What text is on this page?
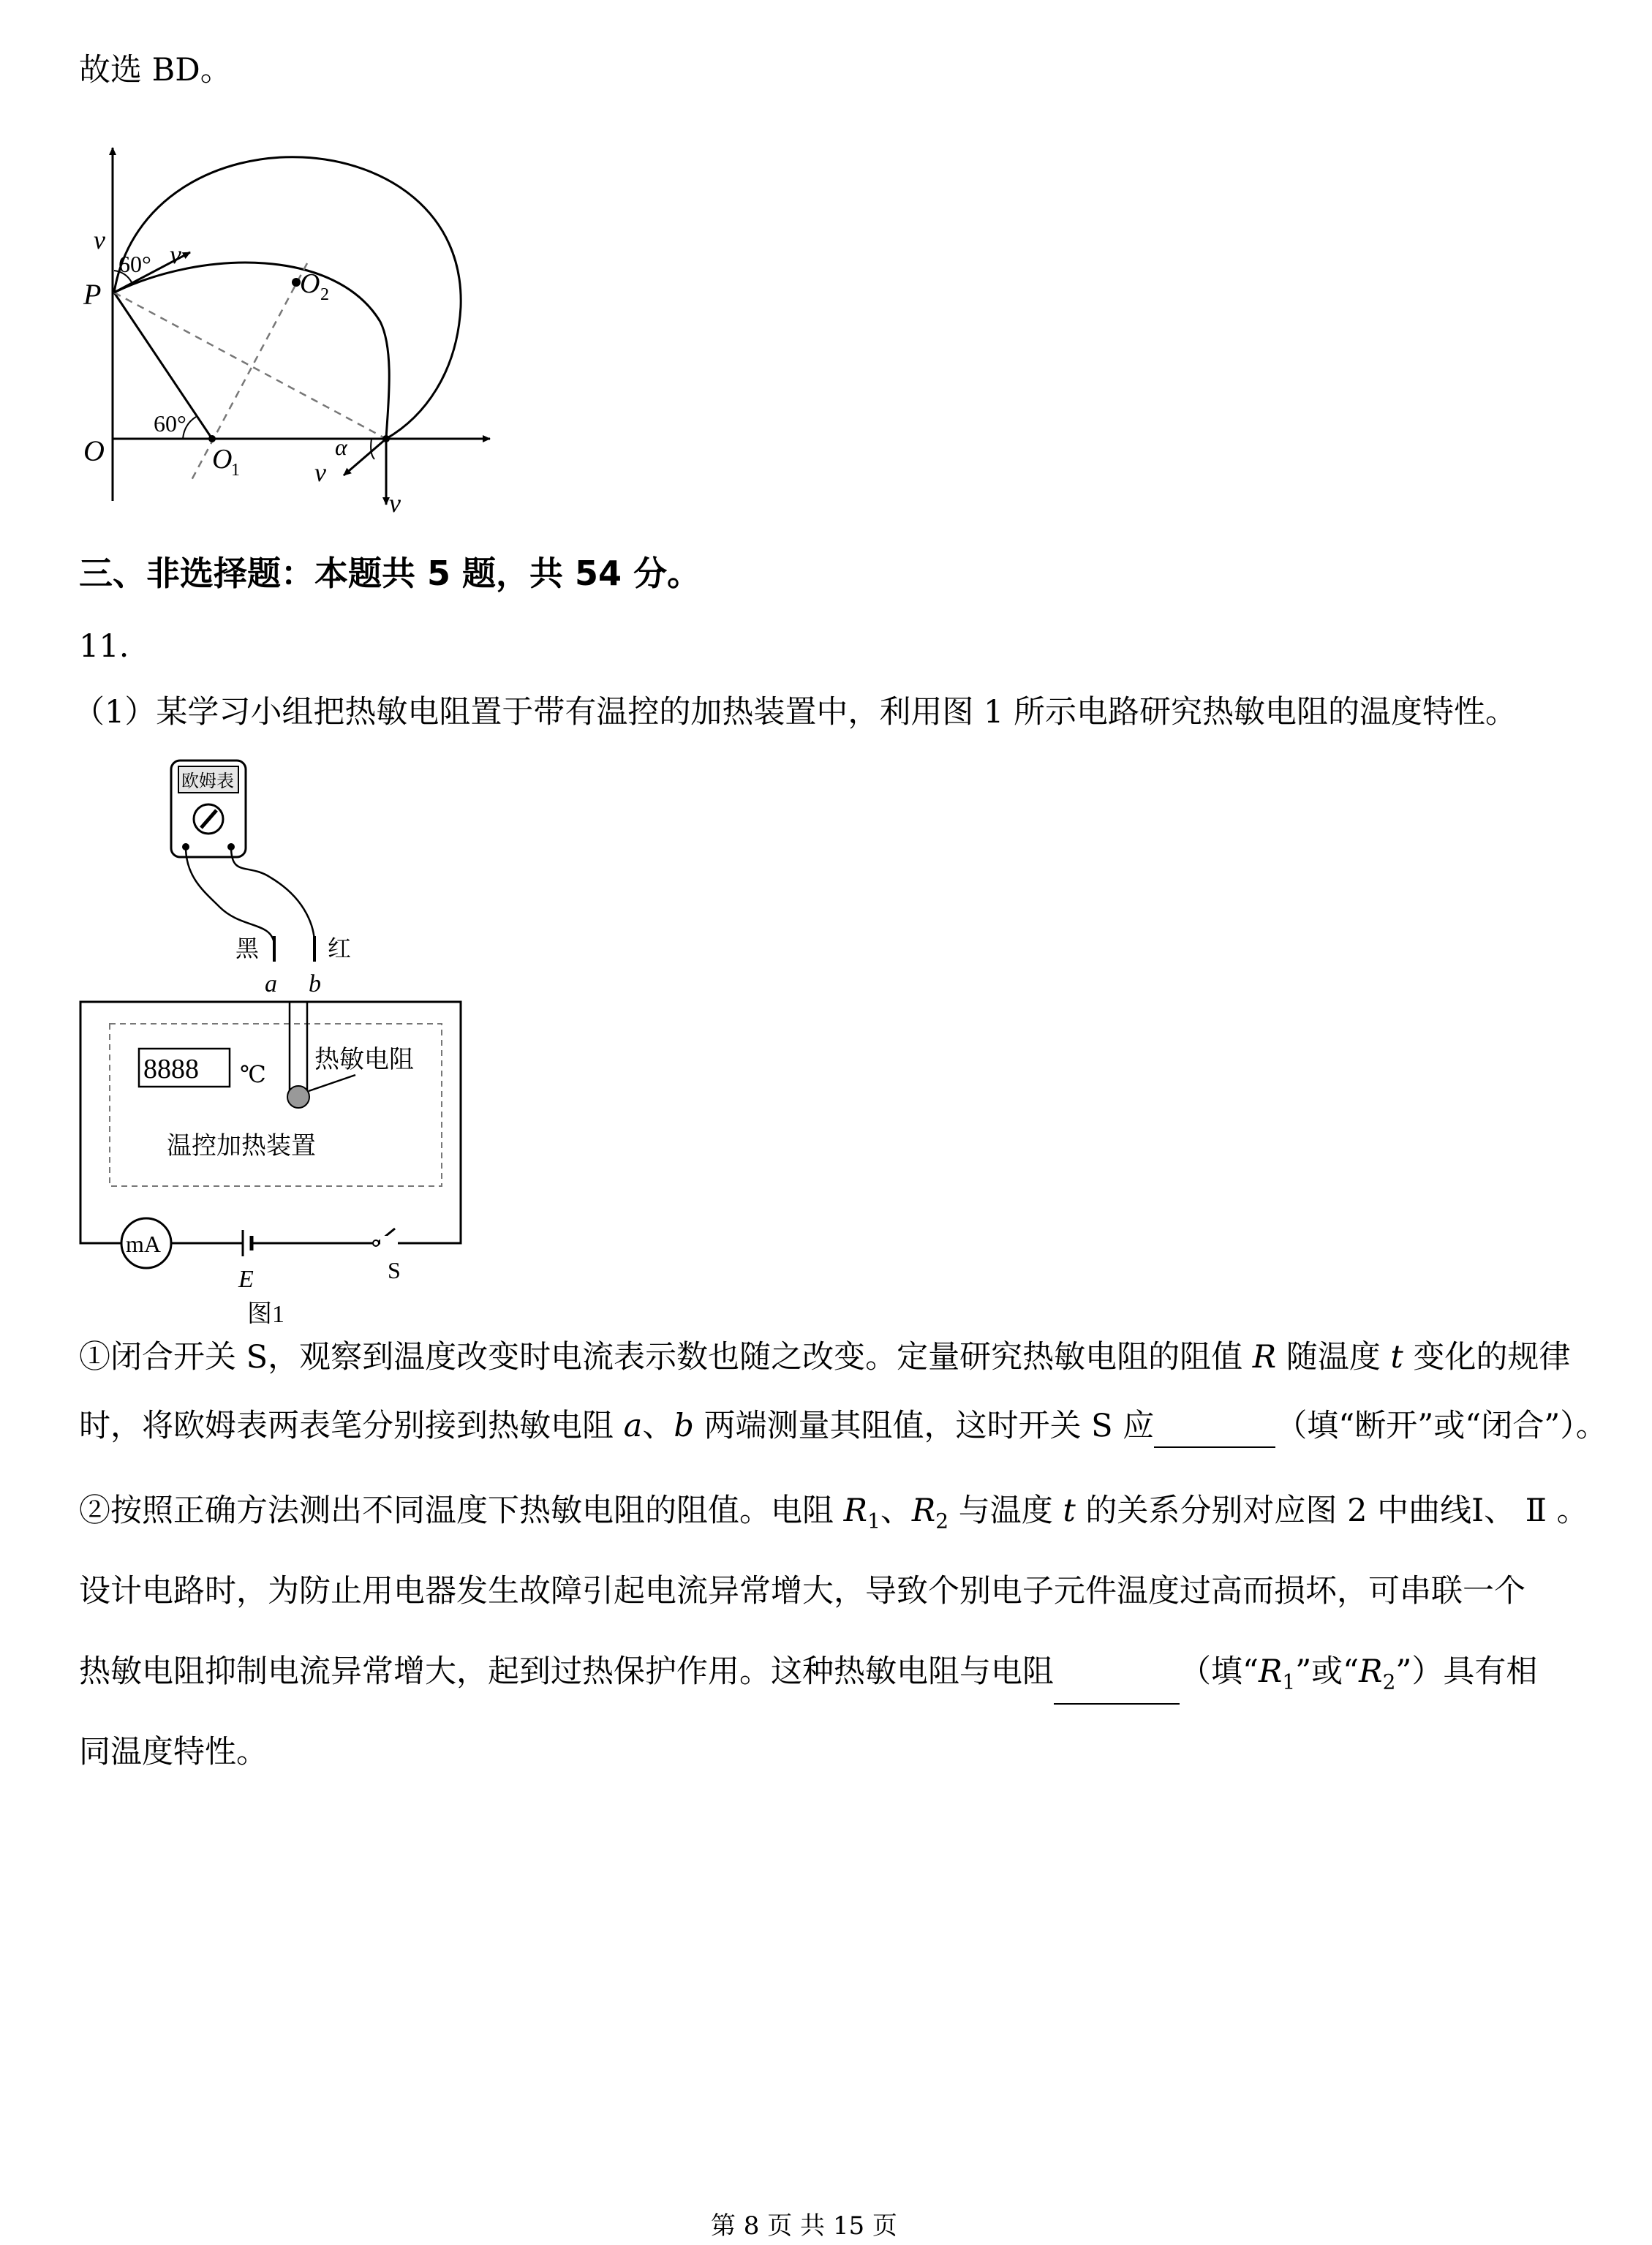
故选 BD。

v
60° v
P	O 2
60°
O	O
1
α
v
v

三、非选择题：本题共 5 题，共 54 分。

11.

（1）某学习小组把热敏电阻置于带有温控的加热装置中，利用图 1 所示电路研究热敏电阻的温度特性。

欧姆表
黑	红
a b
8888 ℃
热敏电阻
温控加热装置
mA
E	S
图1

①闭合开关 S，观察到温度改变时电流表示数也随之改变。定量研究热敏电阻的阻值 R 随温度 t 变化的规律

时，将欧姆表两表笔分别接到热敏电阻 a、b 两端测量其阻值，这时开关 S 应	（填“断开”或“闭合”）。

②按照正确方法测出不同温度下热敏电阻的阻值。电阻 $R_1$、$R_2$ 与温度 t 的关系分别对应图 2 中曲线Ⅰ、 Ⅱ 。

设计电路时，为防止用电器发生故障引起电流异常增大，导致个别电子元件温度过高而损坏，可串联一个

热敏电阻抑制电流异常增大，起到过热保护作用。这种热敏电阻与电阻	（填“$R_1$”或“$R_2$”）具有相

同温度特性。

第 8 页 共 15 页
